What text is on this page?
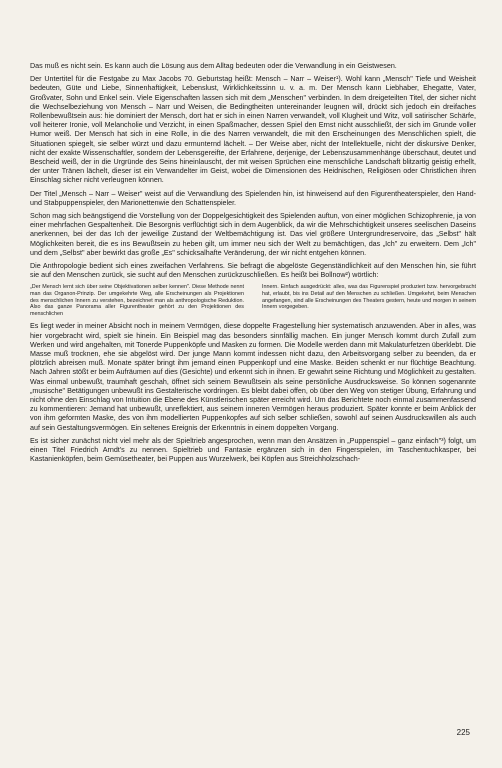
Das muß es nicht sein. Es kann auch die Lösung aus dem Alltag bedeuten oder die Verwandlung in ein Geistwesen.

Der Untertitel für die Festgabe zu Max Jacobs 70. Geburtstag heißt: Mensch – Narr – Weiser¹). Wohl kann „Mensch" Tiefe und Weisheit bedeuten, Güte und Liebe, Sinnenhaftigkeit, Lebenslust, Wirklichkeitssinn u. v. a. m. Der Mensch kann Liebhaber, Ehegatte, Vater, Großvater, Sohn und Enkel sein. Viele Eigenschaften lassen sich mit dem „Menschen" verbinden. In dem dreigeteilten Titel, der sicher nicht die Wechselbeziehung von Mensch – Narr und Weisen, die Bedingtheiten untereinander leugnen will, drückt sich jedoch ein dreifaches Rollenbewußtsein aus: hie dominiert der Mensch, dort hat er sich in einen Narren verwandelt, voll Klugheit und Witz, voll satirischer Schärfe, voll heiterer Ironie, voll Melancholie und Verzicht, in einen Spaßmacher, dessen Spiel den Ernst nicht ausschließt, der sich im Grunde voller Humor weiß. Der Mensch hat sich in eine Rolle, in die des Narren verwandelt, die mit den Erscheinungen des Menschlichen spielt, die Situationen spiegelt, sie selber würzt und dazu ermunternd lächelt. – Der Weise aber, nicht der Intellektuelle, nicht der diskursive Denker, nicht der exakte Wissenschaftler, sondern der Lebensgereifte, der Erfahrene, derjenige, der Lebenszusammenhänge überschaut, deutet und Bescheid weiß, der in die Urgründe des Seins hineinlauscht, der mit weisen Sprüchen eine menschliche Landschaft blitzartig geistig erhellt, der unter Tränen lächelt, dieser ist ein Verwandelter im Geist, wobei die Dimensionen des Heidnischen, Religiösen oder Christlichen ihren Einschlag sicher nicht verleugnen können.

Der Titel „Mensch – Narr – Weiser" weist auf die Verwandlung des Spielenden hin, ist hinweisend auf den Figurentheaterspieler, den Hand- und Stabpuppenspieler, den Marionettenwie den Schattenspieler.

Schon mag sich beängstigend die Vorstellung von der Doppelgesichtigkeit des Spielenden auftun, von einer möglichen Schizophrenie, ja von einer mehrfachen Gespaltenheit. Die Besorgnis verflüchtigt sich in dem Augenblick, da wir die Mehrschichtigkeit unseres seelischen Daseins anerkennen, bei der das Ich der jeweilige Zustand der Weltbemächtigung ist. Das viel größere Untergrundreservoire, das „Selbst" hält Möglichkeiten bereit, die es ins Bewußtsein zu heben gilt, um immer neu sich der Welt zu bemächtigen, das „Ich" zu erweitern. Dem „Ich" und dem „Selbst" aber bewirkt das große „Es" schicksalhafte Veränderung, der wir nicht entgehen können.

Die Anthropologie bedient sich eines zweifachen Verfahrens. Sie befragt die abgelöste Gegenständlichkeit auf den Menschen hin, sie führt sie auf den Menschen zurück, sie sucht auf den Menschen zurückzuschließen. Es heißt bei Bollnow²) wörtlich:

„Der Mensch lernt sich über seine Objektivationen selber kennen". Diese Methode nennt man das Organon-Prinzip. Der umgekehrte Weg, alle Erscheinungen als Projektionen des menschlichen Innern zu verstehen, bezeichnet man als anthropologische Reduktion. Also das ganze Panorama aller Figurentheater gehört zu den Projektionen des menschlichen
Innern. Einfach ausgedrückt: alles, was das Figurenspiel produziert bzw. hervorgebracht hat, erlaubt, bis ins Detail auf den Menschen zu schließen. Umgekehrt, beim Menschen angefangen, sind alle Erscheinungen des Theaters gestern, heute und morgen in seinem Innern vorgegeben.

Es liegt weder in meiner Absicht noch in meinem Vermögen, diese doppelte Fragestellung hier systematisch anzuwenden. Aber in alles, was hier vorgebracht wird, spielt sie hinein. Ein Beispiel mag das besonders sinnfällig machen. Ein junger Mensch kommt durch Zufall zum Werken und wird angehalten, mit Tonerde Puppenköpfe und Masken zu formen. Die Modelle werden dann mit Makulaturfetzen überklebt. Die Masse muß trocknen, ehe sie abgelöst wird. Der junge Mann kommt indessen nicht dazu, den Arbeitsvorgang selber zu beenden, da er plötzlich abreisen muß. Monate später bringt ihm jemand einen Puppenkopf und eine Maske. Beiden schenkt er nur flüchtige Beachtung. Nach Jahren stößt er beim Aufräumen auf dies (Gesichte) und erkennt sich in ihnen. Er gewahrt seine Richtung und Möglichkeit zu gestalten. Was einmal unbewußt, traumhaft geschah, öffnet sich seinem Bewußtsein als seine persönliche Ausdrucksweise. So können sogenannte „musische" Betätigungen unbewußt ins Gestalterische vordringen. Es bleibt dabei offen, ob über den Weg von stetiger Übung, Erfahrung und nicht ohne den Einschlag von Intuition die Ebene des Künstlerischen später erreicht wird. Um das Berichtete noch einmal zusammenfassend zu kommentieren: Jemand hat unbewußt, unreflektiert, aus seinem inneren Vermögen heraus produziert. Später konnte er beim Anblick der von ihm geformten Maske, des von ihm modellierten Puppenkopfes auf sich selber schließen, sowohl auf seinen Ausdruckswillen als auch auf sein Gestaltungsvermögen. Ein seltenes Ereignis der Erkenntnis in einem doppelten Vorgang.

Es ist sicher zunächst nicht viel mehr als der Spieltrieb angesprochen, wenn man den Ansätzen in „Puppenspiel – ganz einfach"³) folgt, um einen Titel Friedrich Arndt's zu nennen. Spieltrieb und Fantasie ergänzen sich in den Fingerspielen, im Taschentuchkasper, bei Kastanienköpfen, beim Gemüsetheater, bei Puppen aus Wurzelwerk, bei Köpfen aus Streichholzschach-

225
